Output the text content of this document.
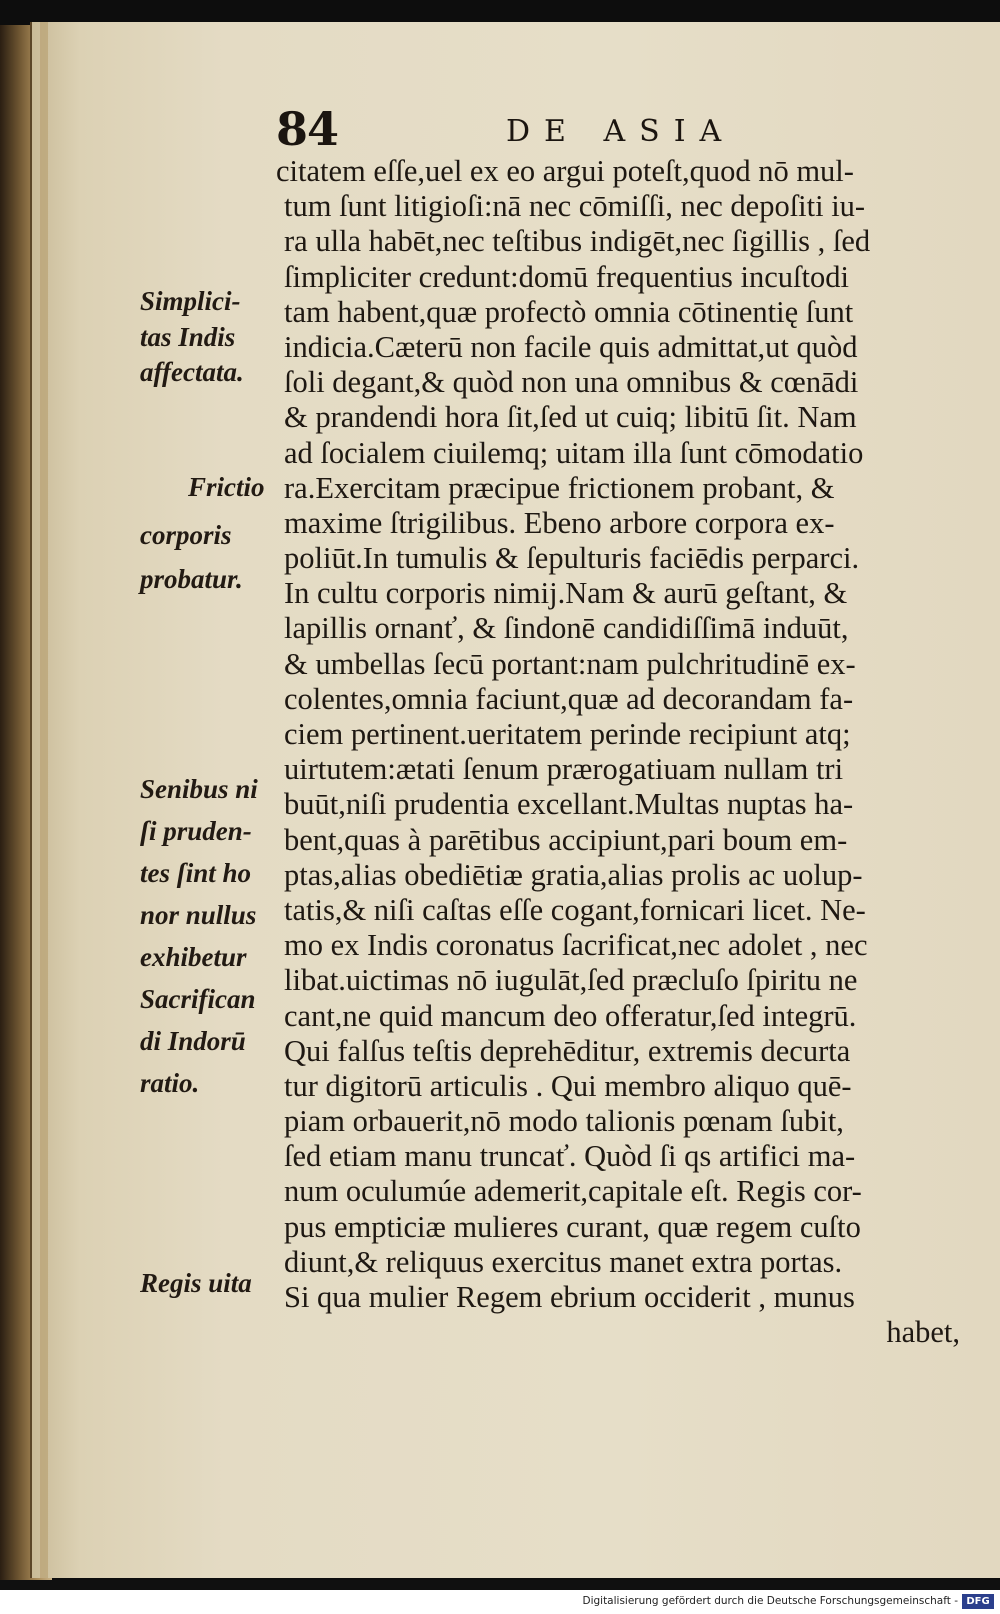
84	DE ASIA
citatem eſſe,uel ex eo argui poteſt,quod nō mul-
tum ſunt litigioſi:nā nec cōmiſſi, nec depoſiti iu-
ra ulla habēt,nec teſtibus indigēt,nec ſigillis , ſed
ſimpliciter credunt:domū frequentius incuſtodi
tam habent,quæ profectò omnia cōtinentię ſunt
indicia.Cæterū non facile quis admittat,ut quòd
ſoli degant,& quòd non una omnibus & cœnādi
& prandendi hora ſit,ſed ut cuiq; libitū ſit. Nam
ad ſocialem ciuilemq; uitam illa ſunt cōmodatio
ra.Exercitam præcipue frictionem probant, &
maxime ſtrigilibus. Ebeno arbore corpora ex-
poliūt.In tumulis & ſepulturis faciēdis perparci.
In cultu corporis nimij.Nam & aurū geſtant, &
lapillis ornanť, & ſindonē candidiſſimā induūt,
& umbellas ſecū portant:nam pulchritudinē ex-
colentes,omnia faciunt,quæ ad decorandam fa-
ciem pertinent.ueritatem perinde recipiunt atq;
uirtutem:ætati ſenum prærogatiuam nullam tri
buūt,niſi prudentia excellant.Multas nuptas ha-
bent,quas à parētibus accipiunt,pari boum em-
ptas,alias obediētiæ gratia,alias prolis ac uolup-
tatis,& niſi caſtas eſſe cogant,fornicari licet. Ne-
mo ex Indis coronatus ſacrificat,nec adolet , nec
libat.uictimas nō iugulāt,ſed præcluſo ſpiritu ne
cant,ne quid mancum deo offeratur,ſed integrū.
Qui falſus teſtis deprehēditur, extremis decurta
tur digitorū articulis . Qui membro aliquo quē-
piam orbauerit,nō modo talionis pœnam ſubit,
ſed etiam manu truncať. Quòd ſi qs artifici ma-
num oculumúe ademerit,capitale eſt. Regis cor-
pus empticiæ mulieres curant, quæ regem cuſto
diunt,& reliquus exercitus manet extra portas.
Si qua mulier Regem ebrium occiderit , munus
habet,
Simplici-
tas Indis
affectata.
Frictio
corporis
probatur.
Senibus ni
ſi pruden-
tes ſint ho
nor nullus
exhibetur
Sacrifican
di Indorū
ratio.
Regis uita
Digitalisierung gefördert durch die Deutsche Forschungsgemeinschaft - DFG
